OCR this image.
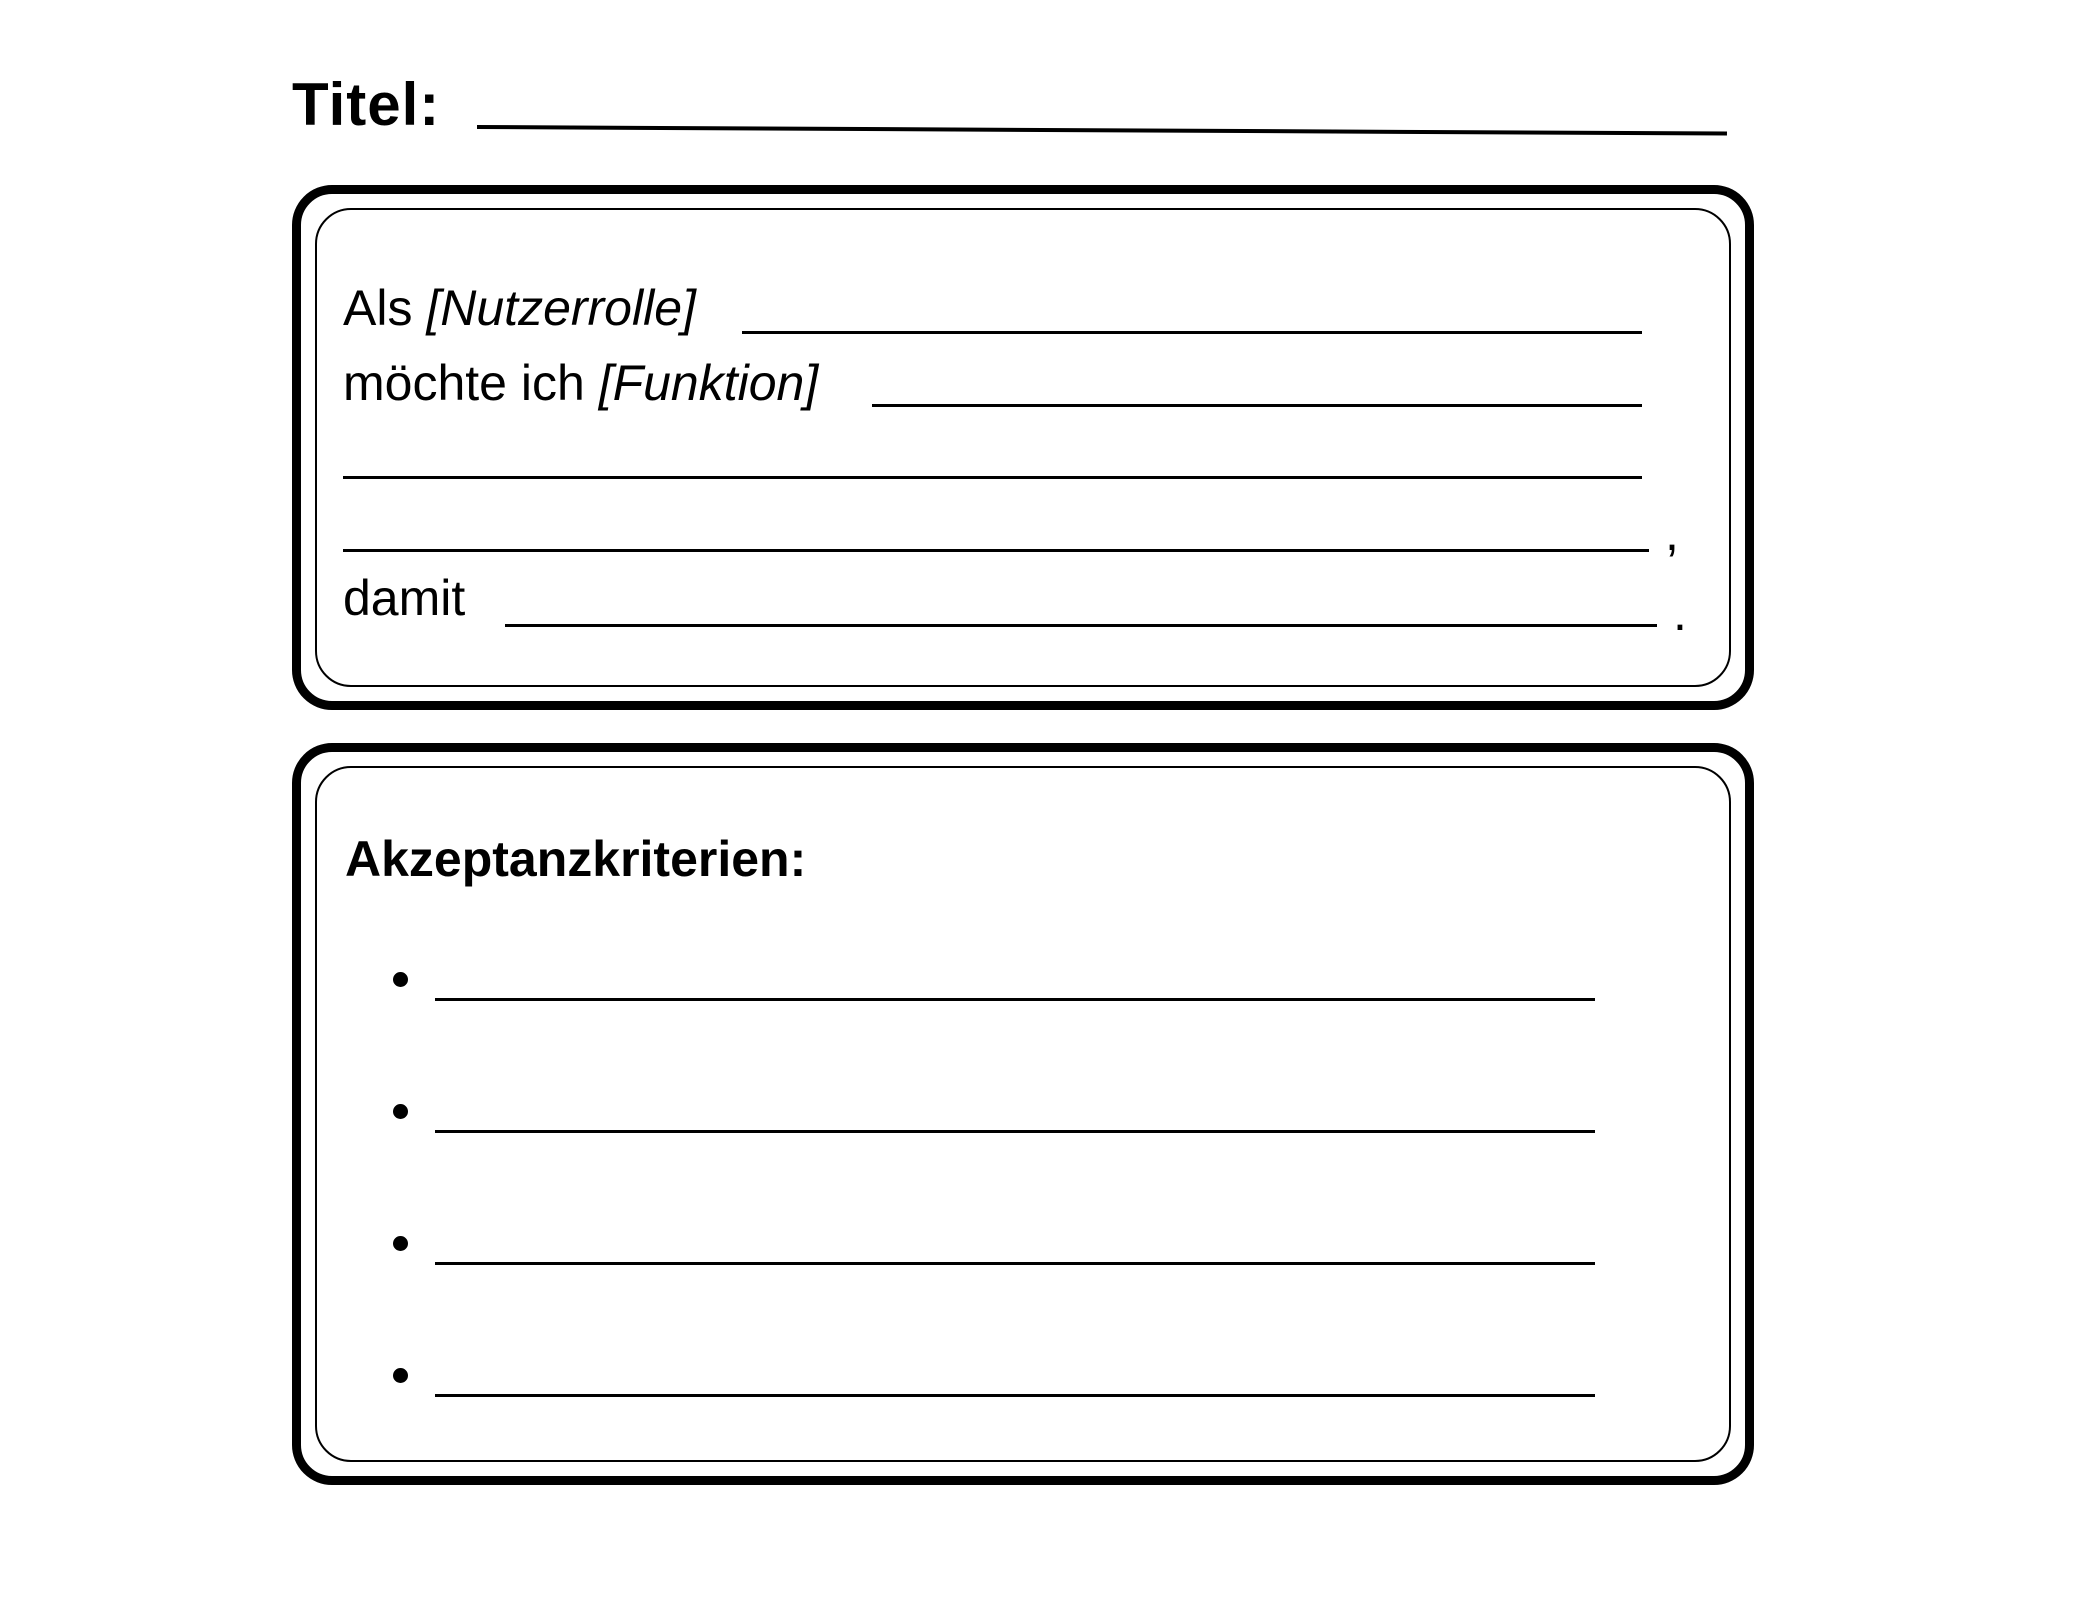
Titel:
Als [Nutzerrolle]
möchte ich [Funktion]
,
damit	.
Akzeptanzkriterien:
